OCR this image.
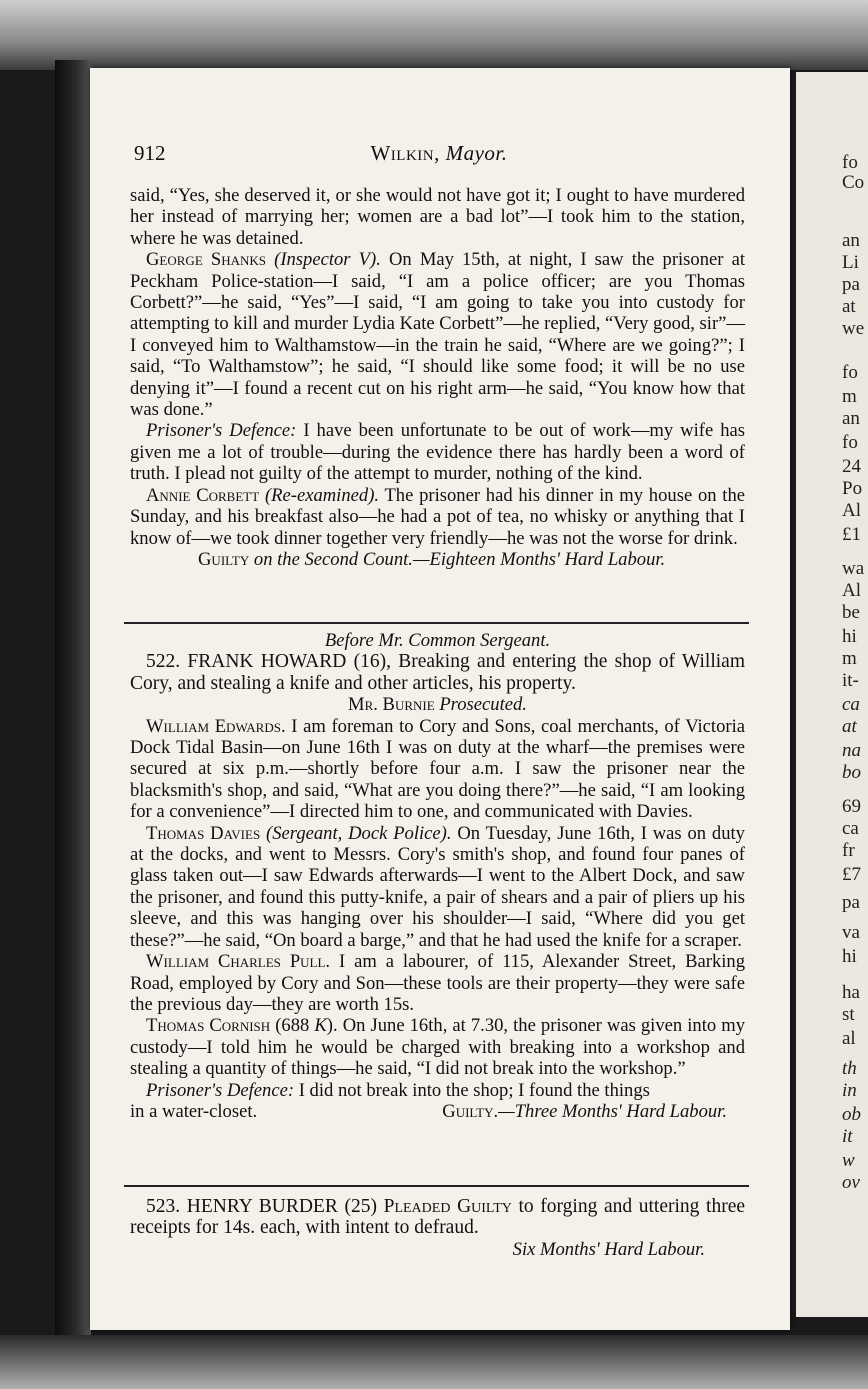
fo
Co
an
Li
pa
at
we
fo
m
an
fo
24
Po
Al
£1
wa
Al
be
hi
m
it-
ca
at
na
bo
69
ca
fr
£7
pa
va
hi
ha
st
al
th
in
ob
it
w
ov
912	Wilkin, Mayor.

said, “Yes, she deserved it, or she would not have got it; I ought to have murdered her instead of marrying her; women are a bad lot”—I took him to the station, where he was detained.

George Shanks (Inspector V). On May 15th, at night, I saw the prisoner at Peckham Police-station—I said, “I am a police officer; are you Thomas Corbett?”—he said, “Yes”—I said, “I am going to take you into custody for attempting to kill and murder Lydia Kate Corbett”—he replied, “Very good, sir”—I conveyed him to Walthamstow—in the train he said, “Where are we going?”; I said, “To Walthamstow”; he said, “I should like some food; it will be no use denying it”—I found a recent cut on his right arm—he said, “You know how that was done.”

Prisoner's Defence: I have been unfortunate to be out of work—my wife has given me a lot of trouble—during the evidence there has hardly been a word of truth. I plead not guilty of the attempt to murder, nothing of the kind.

Annie Corbett (Re-examined). The prisoner had his dinner in my house on the Sunday, and his breakfast also—he had a pot of tea, no whisky or anything that I know of—we took dinner together very friendly—he was not the worse for drink.

Guilty on the Second Count.—Eighteen Months' Hard Labour.

Before Mr. Common Sergeant.

522. FRANK HOWARD (16), Breaking and entering the shop of William Cory, and stealing a knife and other articles, his property.

Mr. Burnie Prosecuted.

William Edwards. I am foreman to Cory and Sons, coal merchants, of Victoria Dock Tidal Basin—on June 16th I was on duty at the wharf—the premises were secured at six p.m.—shortly before four a.m. I saw the prisoner near the blacksmith's shop, and said, “What are you doing there?”—he said, “I am looking for a convenience”—I directed him to one, and communicated with Davies.

Thomas Davies (Sergeant, Dock Police). On Tuesday, June 16th, I was on duty at the docks, and went to Messrs. Cory's smith's shop, and found four panes of glass taken out—I saw Edwards afterwards—I went to the Albert Dock, and saw the prisoner, and found this putty-knife, a pair of shears and a pair of pliers up his sleeve, and this was hanging over his shoulder—I said, “Where did you get these?”—he said, “On board a barge,” and that he had used the knife for a scraper.

William Charles Pull. I am a labourer, of 115, Alexander Street, Barking Road, employed by Cory and Son—these tools are their property—they were safe the previous day—they are worth 15s.

Thomas Cornish (688 K). On June 16th, at 7.30, the prisoner was given into my custody—I told him he would be charged with breaking into a workshop and stealing a quantity of things—he said, “I did not break into the workshop.”

Prisoner's Defence: I did not break into the shop; I found the things

in a water-closet.	Guilty.—Three Months' Hard Labour.

523. HENRY BURDER (25) Pleaded Guilty to forging and uttering three receipts for 14s. each, with intent to defraud.

Six Months' Hard Labour.
